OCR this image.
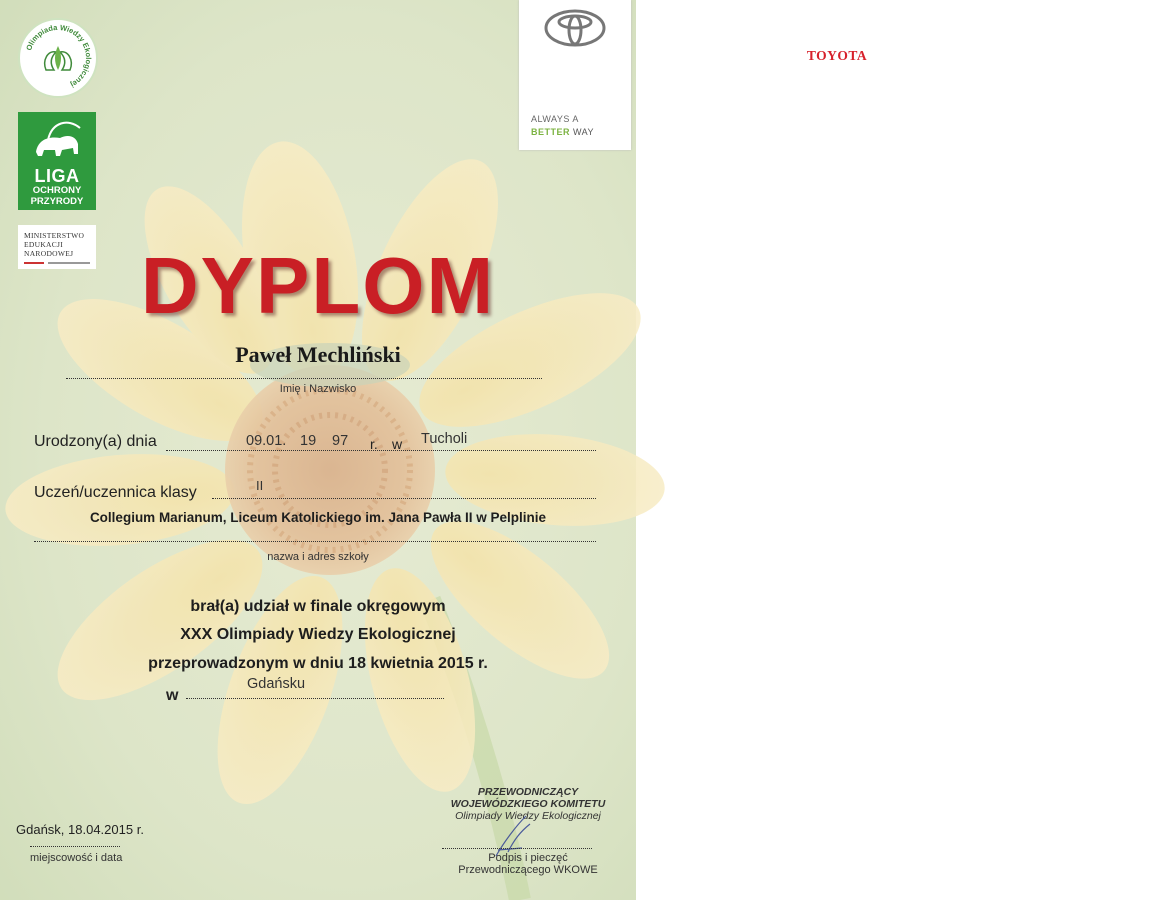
Olimpiada Wiedzy Ekologicznej
LIGA
OCHRONY
PRZYRODY
MINISTERSTWO
EDUKACJI
NARODOWEJ
TOYOTA
ALWAYS A
BETTER WAY
DYPLOM
Paweł Mechliński
Imię i Nazwisko
Urodzony(a) dnia	09.01. 19 97 r. w Tucholi
Uczeń/uczennica klasy	II
Collegium Marianum, Liceum Katolickiego im. Jana Pawła II w Pelplinie
nazwa i adres szkoły
brał(a) udział w finale okręgowym
XXX Olimpiady Wiedzy Ekologicznej
przeprowadzonym w dniu 18 kwietnia 2015 r.
w
Gdańsku
Gdańsk, 18.04.2015 r.
miejscowość i data
PRZEWODNICZĄCY
WOJEWÓDZKIEGO KOMITETU
Olimpiady Wiedzy Ekologicznej
Podpis i pieczęć
Przewodniczącego WKOWE
